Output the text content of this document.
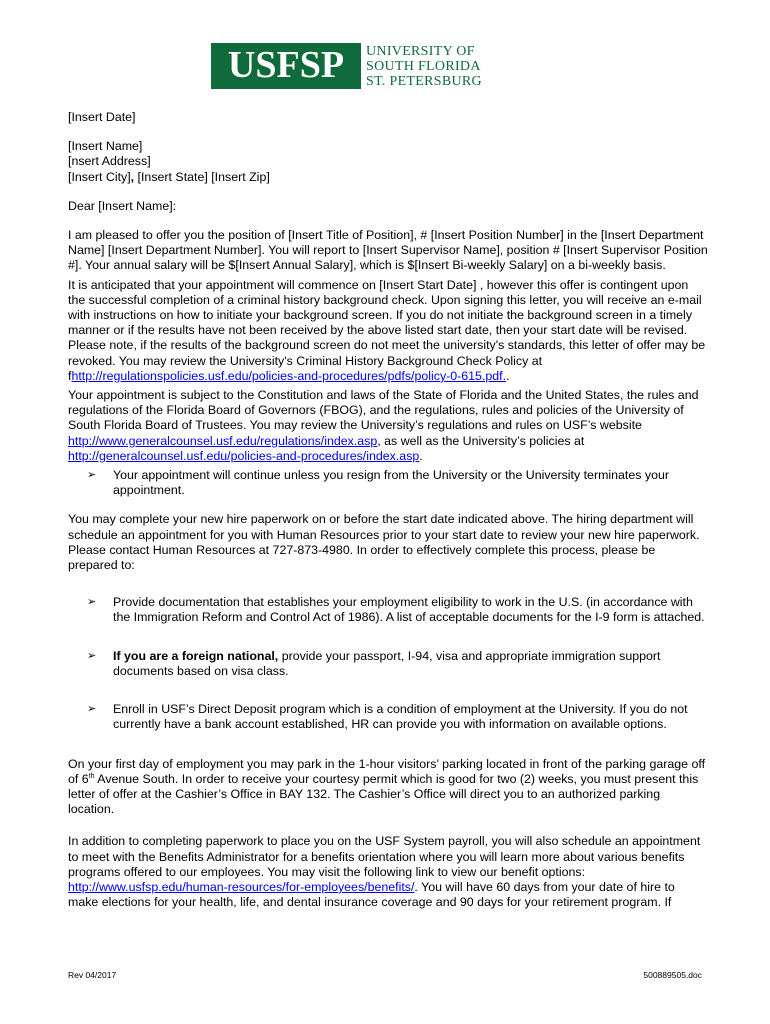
USFSP	UNIVERSITY OF
SOUTH FLORIDA
ST. PETERSBURG

[Insert Date]

[Insert Name]

[nsert Address]

[Insert City], [Insert State] [Insert Zip]

Dear [Insert Name]:

I am pleased to offer you the position of [Insert Title of Position], # [Insert Position Number] in the [Insert Department Name] [Insert Department Number]. You will report to [Insert Supervisor Name], position # [Insert Supervisor Position #]. Your annual salary will be $[Insert Annual Salary], which is $[Insert Bi-weekly Salary] on a bi-weekly basis.

It is anticipated that your appointment will commence on [Insert Start Date] , however this offer is contingent upon the successful completion of a criminal history background check. Upon signing this letter, you will receive an e-mail with instructions on how to initiate your background screen. If you do not initiate the background screen in a timely manner or if the results have not been received by the above listed start date, then your start date will be revised. Please note, if the results of the background screen do not meet the university's standards, this letter of offer may be revoked. You may review the University's Criminal History Background Check Policy at fhttp://regulationspolicies.usf.edu/policies-and-procedures/pdfs/policy-0-615.pdf..

Your appointment is subject to the Constitution and laws of the State of Florida and the United States, the rules and regulations of the Florida Board of Governors (FBOG), and the regulations, rules and policies of the University of South Florida Board of Trustees. You may review the University’s regulations and rules on USF’s website http://www.generalcounsel.usf.edu/regulations/index.asp, as well as the University’s policies at http://generalcounsel.usf.edu/policies-and-procedures/index.asp.

➢ Your appointment will continue unless you resign from the University or the University terminates your appointment.

You may complete your new hire paperwork on or before the start date indicated above. The hiring department will schedule an appointment for you with Human Resources prior to your start date to review your new hire paperwork. Please contact Human Resources at 727-873-4980. In order to effectively complete this process, please be prepared to:

➢ Provide documentation that establishes your employment eligibility to work in the U.S. (in accordance with the Immigration Reform and Control Act of 1986). A list of acceptable documents for the I-9 form is attached.

➢ If you are a foreign national, provide your passport, I-94, visa and appropriate immigration support documents based on visa class.

➢ Enroll in USF’s Direct Deposit program which is a condition of employment at the University. If you do not currently have a bank account established, HR can provide you with information on available options.

On your first day of employment you may park in the 1-hour visitors’ parking located in front of the parking garage off of 6th Avenue South. In order to receive your courtesy permit which is good for two (2) weeks, you must present this letter of offer at the Cashier’s Office in BAY 132. The Cashier’s Office will direct you to an authorized parking location.

In addition to completing paperwork to place you on the USF System payroll, you will also schedule an appointment to meet with the Benefits Administrator for a benefits orientation where you will learn more about various benefits programs offered to our employees. You may visit the following link to view our benefit options: http://www.usfsp.edu/human-resources/for-employees/benefits/. You will have 60 days from your date of hire to make elections for your health, life, and dental insurance coverage and 90 days for your retirement program. If

Rev 04/2017	500889505.doc
